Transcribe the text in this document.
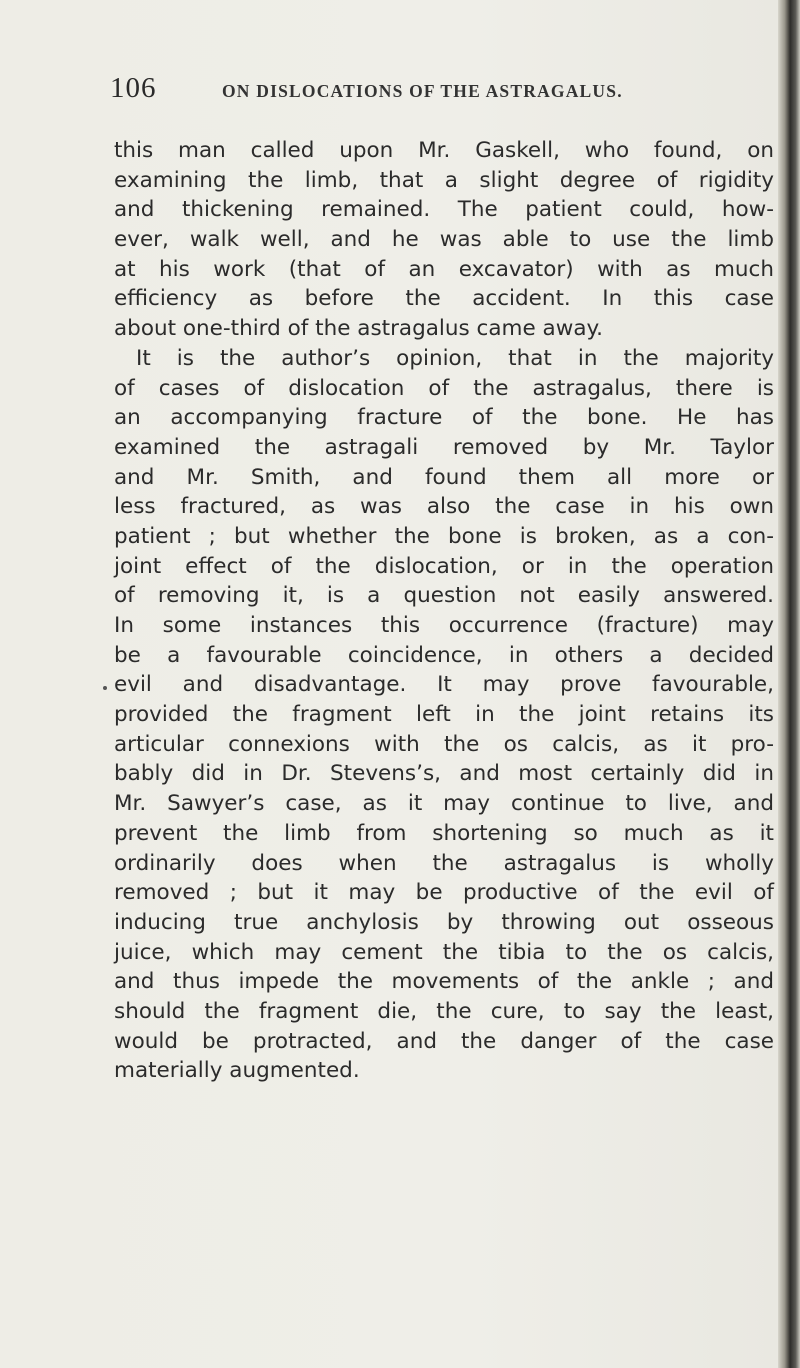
106	ON DISLOCATIONS OF THE ASTRAGALUS.
this man called upon Mr. Gaskell, who found, on
examining the limb, that a slight degree of rigidity
and thickening remained. The patient could, how-
ever, walk well, and he was able to use the limb
at his work (that of an excavator) with as much
efficiency as before the accident. In this case
about one-third of the astragalus came away.
It is the author’s opinion, that in the majority
of cases of dislocation of the astragalus, there is
an accompanying fracture of the bone. He has
examined the astragali removed by Mr. Taylor
and Mr. Smith, and found them all more or
less fractured, as was also the case in his own
patient ; but whether the bone is broken, as a con-
joint effect of the dislocation, or in the operation
of removing it, is a question not easily answered.
In some instances this occurrence (fracture) may
be a favourable coincidence, in others a decided
evil and disadvantage. It may prove favourable,
provided the fragment left in the joint retains its
articular connexions with the os calcis, as it pro-
bably did in Dr. Stevens’s, and most certainly did in
Mr. Sawyer’s case, as it may continue to live, and
prevent the limb from shortening so much as it
ordinarily does when the astragalus is wholly
removed ; but it may be productive of the evil of
inducing true anchylosis by throwing out osseous
juice, which may cement the tibia to the os calcis,
and thus impede the movements of the ankle ; and
should the fragment die, the cure, to say the least,
would be protracted, and the danger of the case
materially augmented.
